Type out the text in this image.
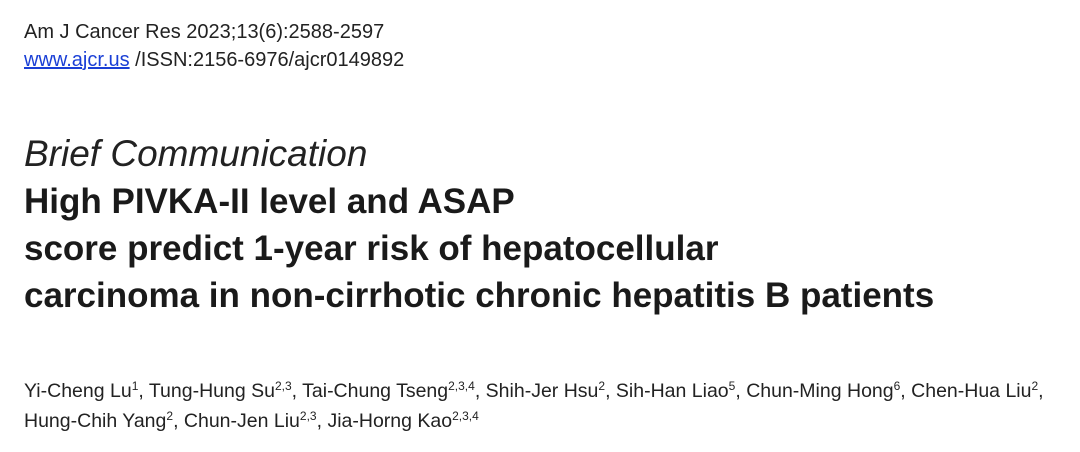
Am J Cancer Res 2023;13(6):2588-2597
www.ajcr.us /ISSN:2156-6976/ajcr0149892
Brief Communication
High PIVKA-II level and ASAP
score predict 1-year risk of hepatocellular
carcinoma in non-cirrhotic chronic hepatitis B patients
Yi-Cheng Lu$^1$, Tung-Hung Su$^{2,3}$, Tai-Chung Tseng$^{2,3,4}$, Shih-Jer Hsu$^2$, Sih-Han Liao$^5$, Chun-Ming Hong$^6$, Chen-Hua Liu$^2$, Hung-Chih Yang$^2$, Chun-Jen Liu$^{2,3}$, Jia-Horng Kao$^{2,3,4}$
